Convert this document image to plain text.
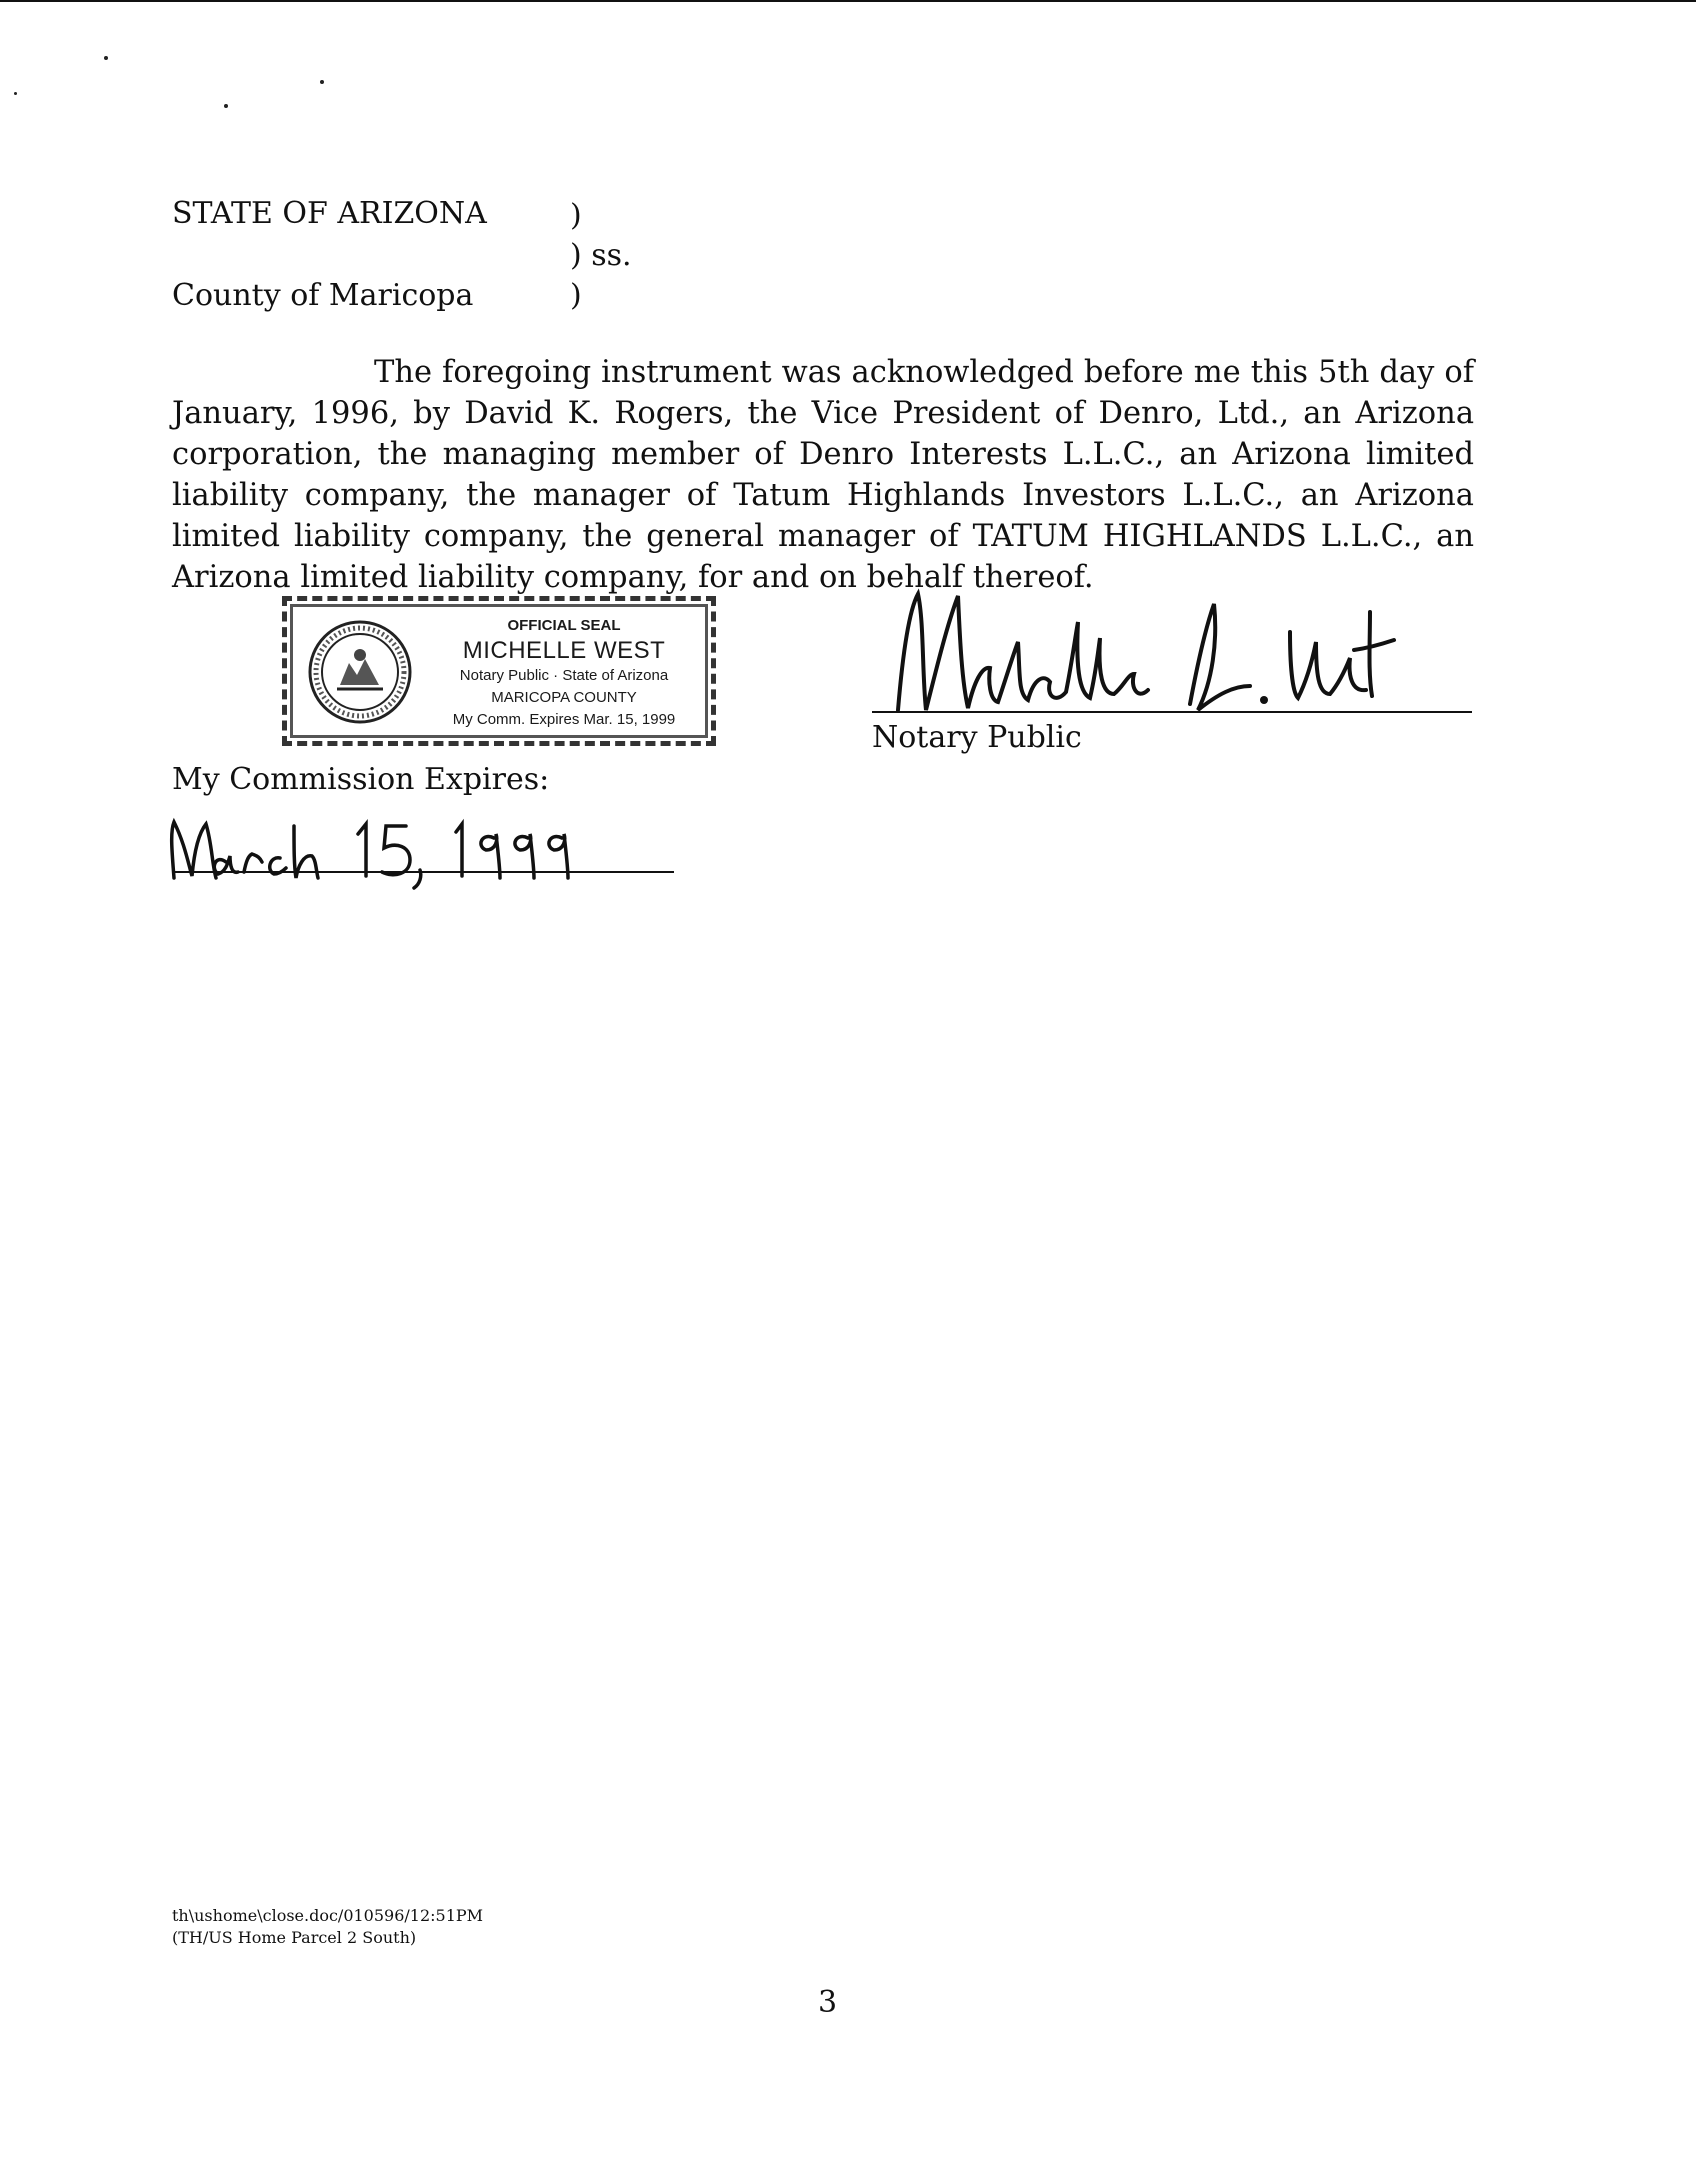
STATE OF ARIZONA	)
) ss.
County of Maricopa	)

The foregoing instrument was acknowledged before me this 5th day of January, 1996, by David K. Rogers, the Vice President of Denro, Ltd., an Arizona corporation, the managing member of Denro Interests L.L.C., an Arizona limited liability company, the manager of Tatum Highlands Investors L.L.C., an Arizona limited liability company, the general manager of TATUM HIGHLANDS L.L.C., an Arizona limited liability company, for and on behalf thereof.

OFFICIAL SEAL
MICHELLE WEST
Notary Public · State of Arizona
MARICOPA COUNTY
My Comm. Expires Mar. 15, 1999
Notary Public
My Commission Expires:
th\ushome\close.doc/010596/12:51PM
(TH/US Home Parcel 2 South)
3
